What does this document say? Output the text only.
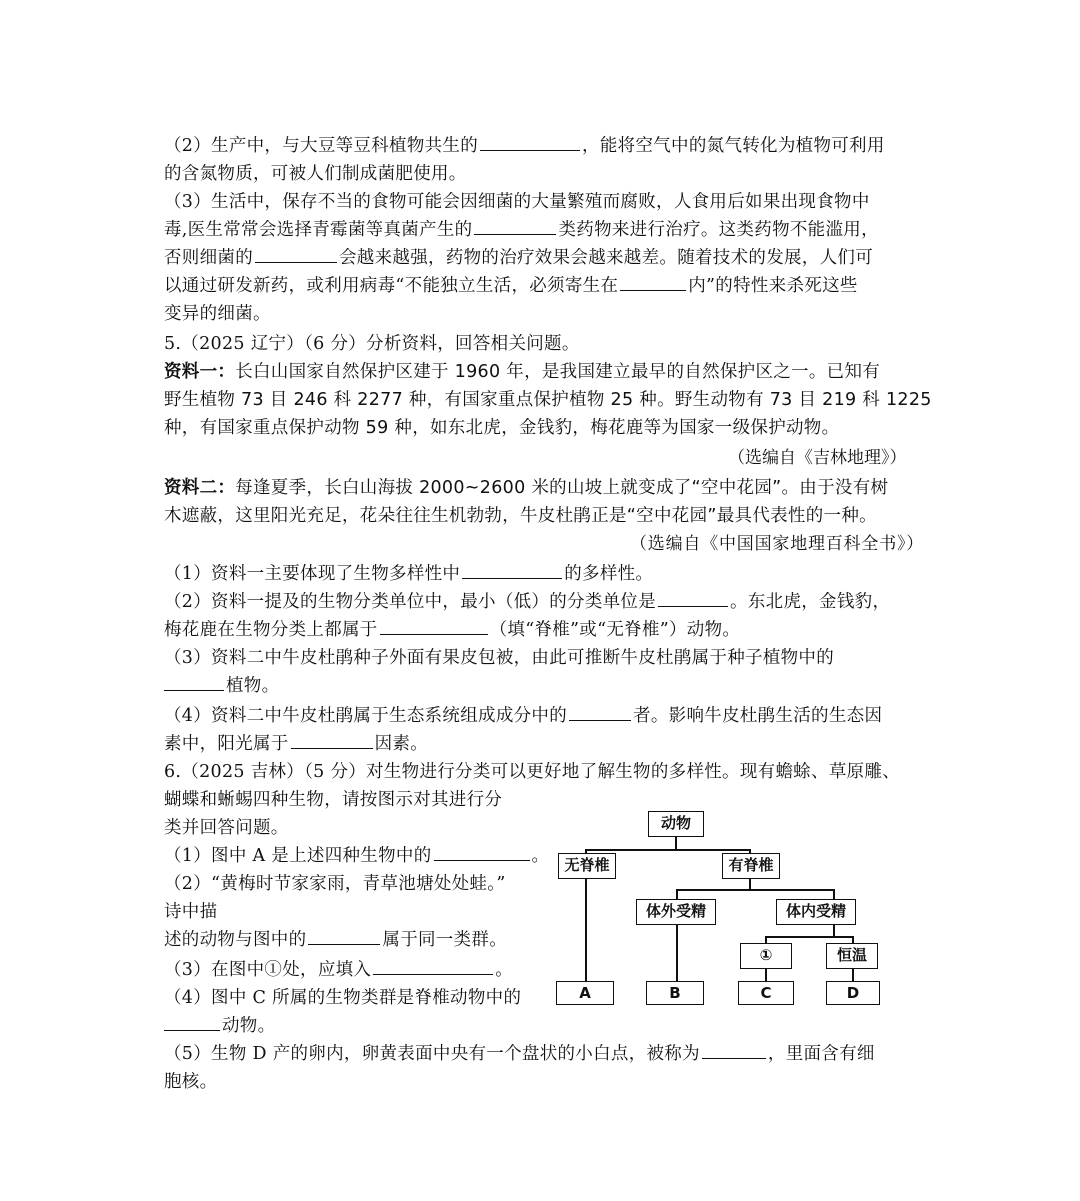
（2）生产中，与大豆等豆科植物共生的	，能将空气中的氮气转化为植物可利用
的含氮物质，可被人们制成菌肥使用。
（3）生活中，保存不当的食物可能会因细菌的大量繁殖而腐败，人食用后如果出现食物中
毒,医生常常会选择青霉菌等真菌产生的	类药物来进行治疗。这类药物不能滥用，
否则细菌的	会越来越强，药物的治疗效果会越来越差。随着技术的发展，人们可
以通过研发新药，或利用病毒“不能独立生活，必须寄生在	内”的特性来杀死这些
变异的细菌。
5.（2025 辽宁）（6 分）分析资料，回答相关问题。
资料一：长白山国家自然保护区建于 1960 年，是我国建立最早的自然保护区之一。已知有
野生植物 73 目 246 科 2277 种，有国家重点保护植物 25 种。野生动物有 73 目 219 科 1225
种，有国家重点保护动物 59 种，如东北虎，金钱豹，梅花鹿等为国家一级保护动物。
（选编自《吉林地理》）
资料二：每逢夏季，长白山海拔 2000~2600 米的山坡上就变成了“空中花园”。由于没有树
木遮蔽，这里阳光充足，花朵往往生机勃勃，牛皮杜鹃正是“空中花园”最具代表性的一种。
（选编自《中国国家地理百科全书》）
（1）资料一主要体现了生物多样性中	的多样性。
（2）资料一提及的生物分类单位中，最小（低）的分类单位是	。东北虎，金钱豹，
梅花鹿在生物分类上都属于	（填“脊椎”或“无脊椎”）动物。
（3）资料二中牛皮杜鹃种子外面有果皮包被，由此可推断牛皮杜鹃属于种子植物中的
植物。
（4）资料二中牛皮杜鹃属于生态系统组成成分中的	者。影响牛皮杜鹃生活的生态因
素中，阳光属于	因素。
6.（2025 吉林）（5 分）对生物进行分类可以更好地了解生物的多样性。现有蟾蜍、草原雕、
蝴蝶和蜥蜴四种生物，请按图示对其进行分
类并回答问题。
（1）图中 A 是上述四种生物中的	。
（2）“黄梅时节家家雨，青草池塘处处蛙。”
诗中描
述的动物与图中的	属于同一类群。
（3）在图中①处，应填入	。
（4）图中 C 所属的生物类群是脊椎动物中的
动物。
（5）生物 D 产的卵内，卵黄表面中央有一个盘状的小白点，被称为	，里面含有细
胞核。
动物
无脊椎	有脊椎
体外受精	体内受精
①	恒温
A	B	C	D
